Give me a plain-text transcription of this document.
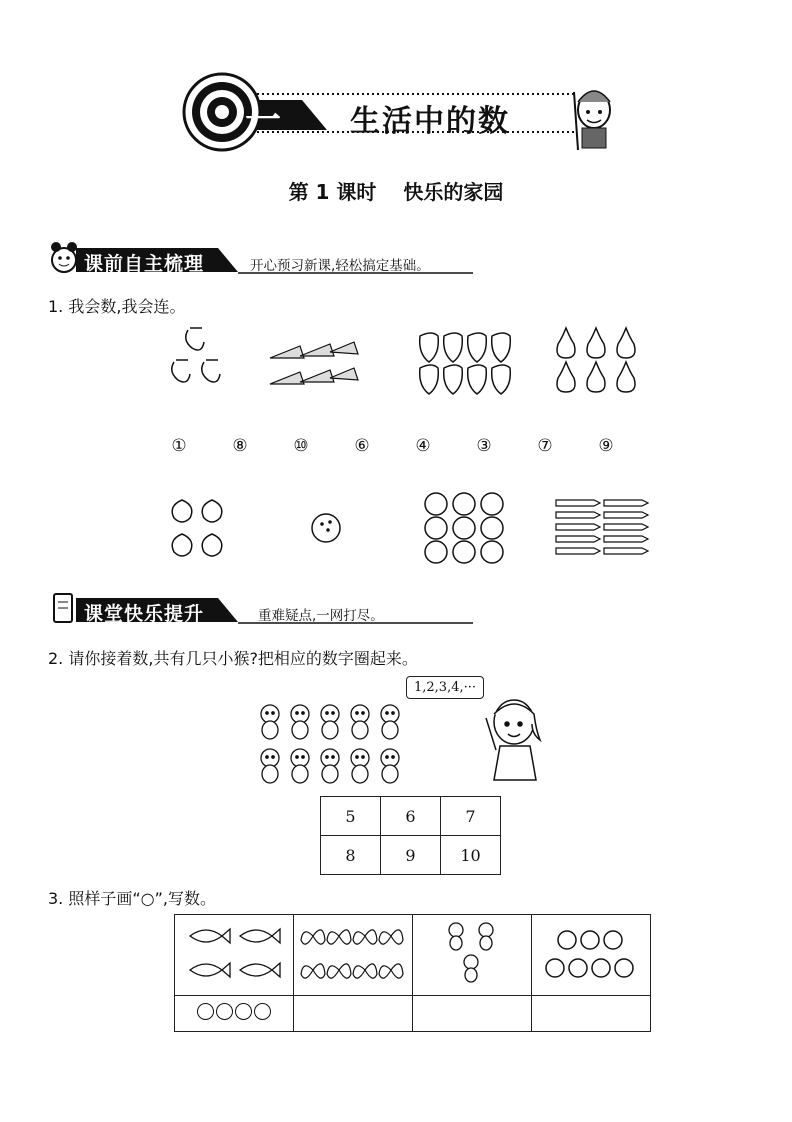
一	生活中的数
第 1 课时 快乐的家园
课前自主梳理	开心预习新课,轻松搞定基础。
1. 我会数,我会连。
①	⑧	⑩	⑥	④	③	⑦	⑨
课堂快乐提升	重难疑点,一网打尽。
2. 请你接着数,共有几只小猴?把相应的数字圈起来。
1,2,3,4,···
5	6	7
8	9	10
3. 照样子画“○”,写数。
